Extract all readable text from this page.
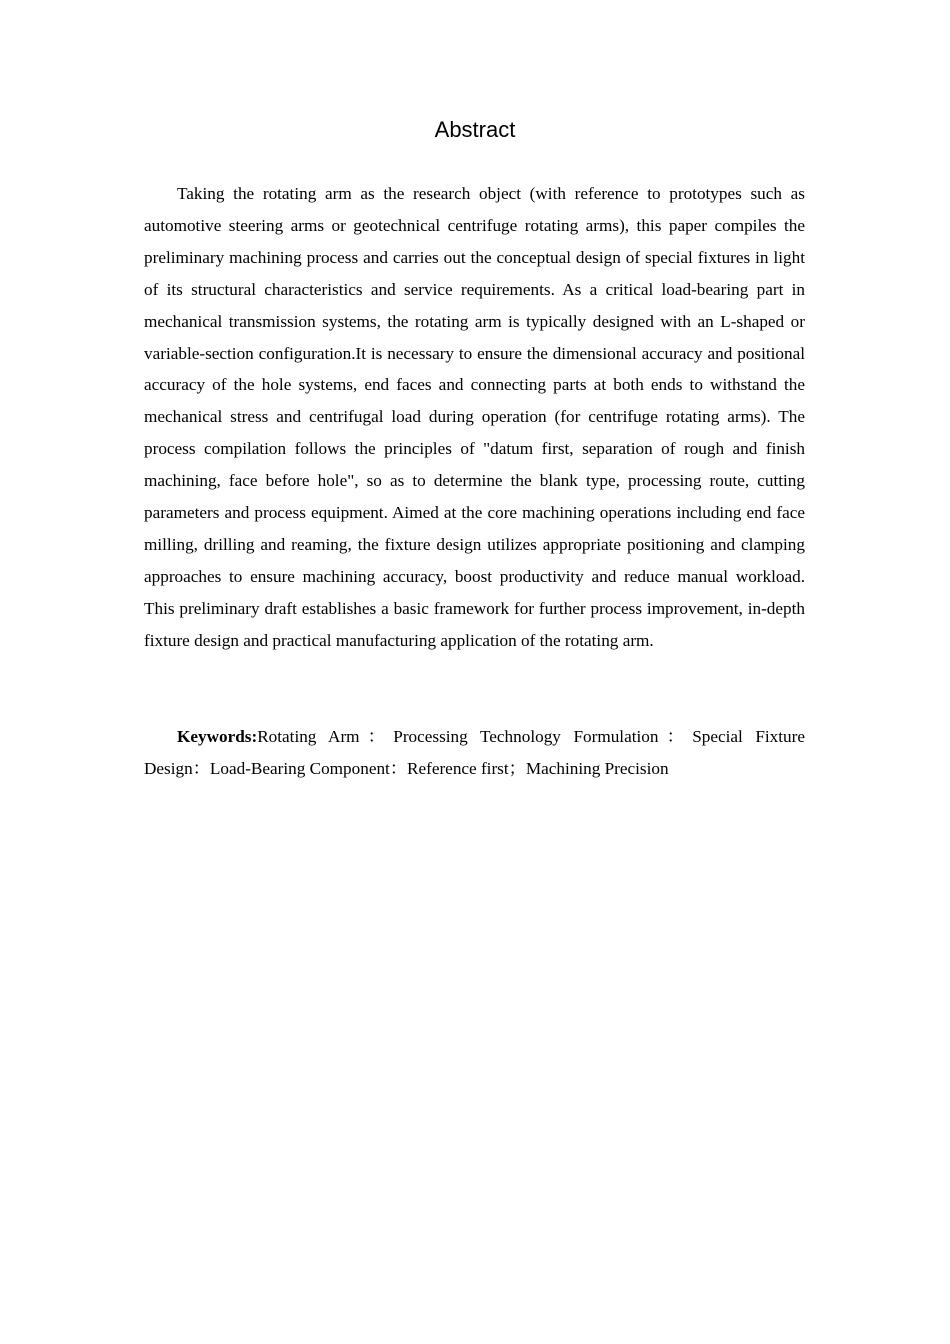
Abstract

Taking the rotating arm as the research object (with reference to prototypes such as automotive steering arms or geotechnical centrifuge rotating arms), this paper compiles the preliminary machining process and carries out the conceptual design of special fixtures in light of its structural characteristics and service requirements. As a critical load-bearing part in mechanical transmission systems, the rotating arm is typically designed with an L-shaped or variable-section configuration.It is necessary to ensure the dimensional accuracy and positional accuracy of the hole systems, end faces and connecting parts at both ends to withstand the mechanical stress and centrifugal load during operation (for centrifuge rotating arms). The process compilation follows the principles of "datum first, separation of rough and finish machining, face before hole", so as to determine the blank type, processing route, cutting parameters and process equipment. Aimed at the core machining operations including end face milling, drilling and reaming, the fixture design utilizes appropriate positioning and clamping approaches to ensure machining accuracy, boost productivity and reduce manual workload. This preliminary draft establishes a basic framework for further process improvement, in-depth fixture design and practical manufacturing application of the rotating arm.

Keywords:Rotating Arm：Processing Technology Formulation：Special Fixture Design：Load-Bearing Component：Reference first；Machining Precision
